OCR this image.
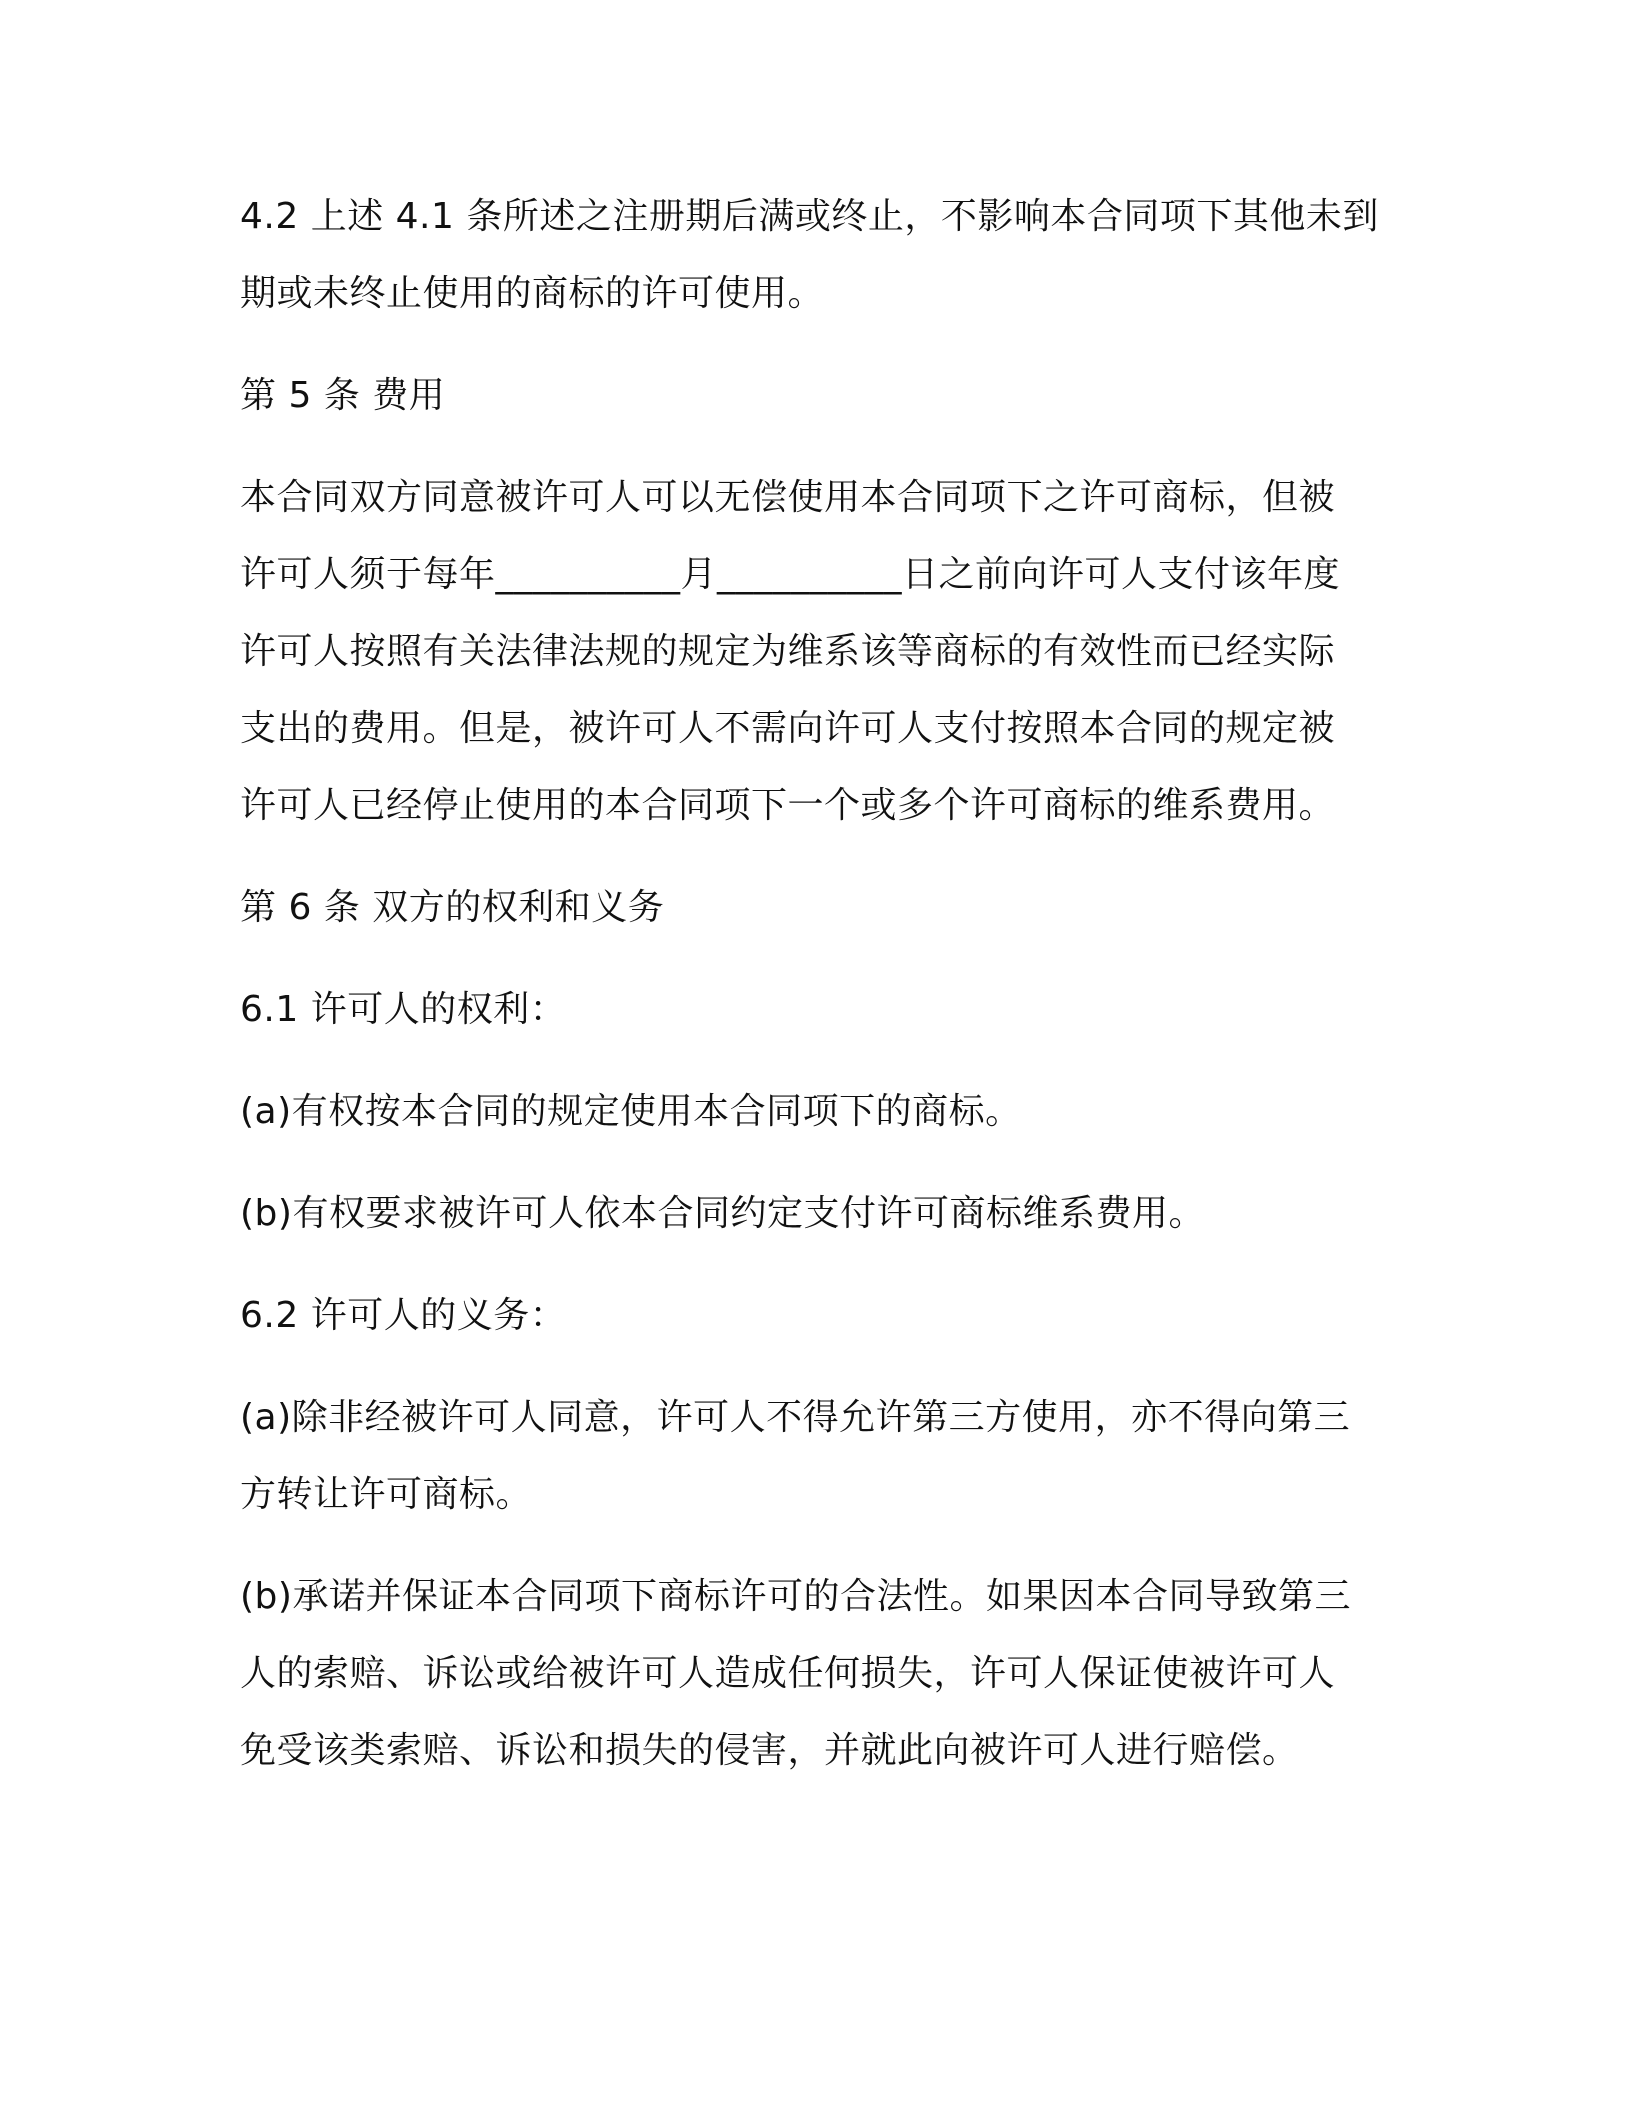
4.2 上述 4.1 条所述之注册期后满或终止，不影响本合同项下其他未到
期或未终止使用的商标的许可使用。
第 5 条 费用
本合同双方同意被许可人可以无偿使用本合同项下之许可商标，但被
许可人须于每年__________月__________日之前向许可人支付该年度
许可人按照有关法律法规的规定为维系该等商标的有效性而已经实际
支出的费用。但是，被许可人不需向许可人支付按照本合同的规定被
许可人已经停止使用的本合同项下一个或多个许可商标的维系费用。
第 6 条 双方的权利和义务
6.1 许可人的权利：
(a)有权按本合同的规定使用本合同项下的商标。
(b)有权要求被许可人依本合同约定支付许可商标维系费用。
6.2 许可人的义务：
(a)除非经被许可人同意，许可人不得允许第三方使用，亦不得向第三
方转让许可商标。
(b)承诺并保证本合同项下商标许可的合法性。如果因本合同导致第三
人的索赔、诉讼或给被许可人造成任何损失，许可人保证使被许可人
免受该类索赔、诉讼和损失的侵害，并就此向被许可人进行赔偿。
